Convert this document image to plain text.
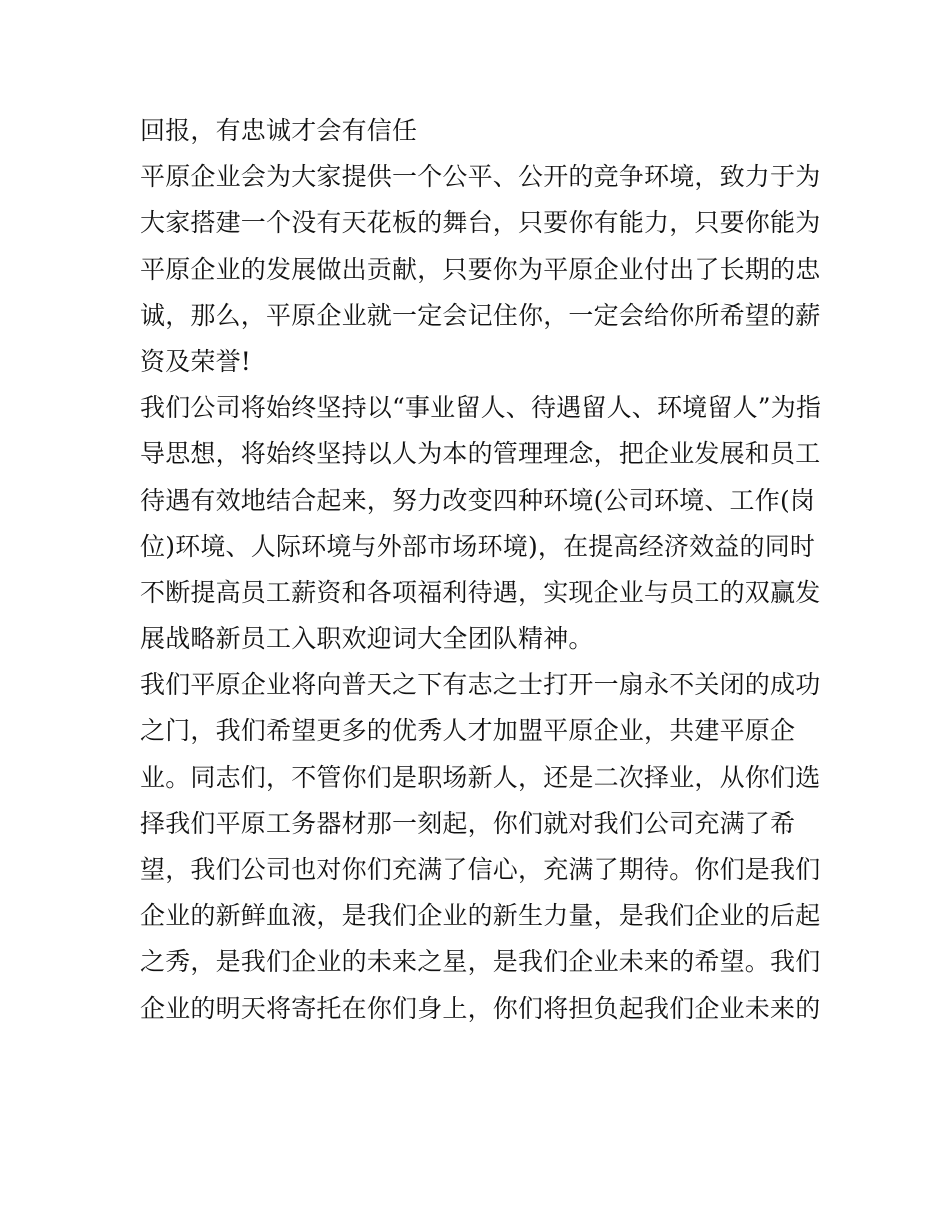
回报，有忠诚才会有信任
平原企业会为大家提供一个公平、公开的竞争环境，致力于为
大家搭建一个没有天花板的舞台，只要你有能力，只要你能为
平原企业的发展做出贡献，只要你为平原企业付出了长期的忠
诚，那么，平原企业就一定会记住你，一定会给你所希望的薪
资及荣誉!
我们公司将始终坚持以“事业留人、待遇留人、环境留人”为指
导思想，将始终坚持以人为本的管理理念，把企业发展和员工
待遇有效地结合起来，努力改变四种环境(公司环境、工作(岗
位)环境、人际环境与外部市场环境)，在提高经济效益的同时
不断提高员工薪资和各项福利待遇，实现企业与员工的双赢发
展战略新员工入职欢迎词大全团队精神。
我们平原企业将向普天之下有志之士打开一扇永不关闭的成功
之门，我们希望更多的优秀人才加盟平原企业，共建平原企
业。同志们，不管你们是职场新人，还是二次择业，从你们选
择我们平原工务器材那一刻起，你们就对我们公司充满了希
望，我们公司也对你们充满了信心，充满了期待。你们是我们
企业的新鲜血液，是我们企业的新生力量，是我们企业的后起
之秀，是我们企业的未来之星，是我们企业未来的希望。我们
企业的明天将寄托在你们身上，你们将担负起我们企业未来的
